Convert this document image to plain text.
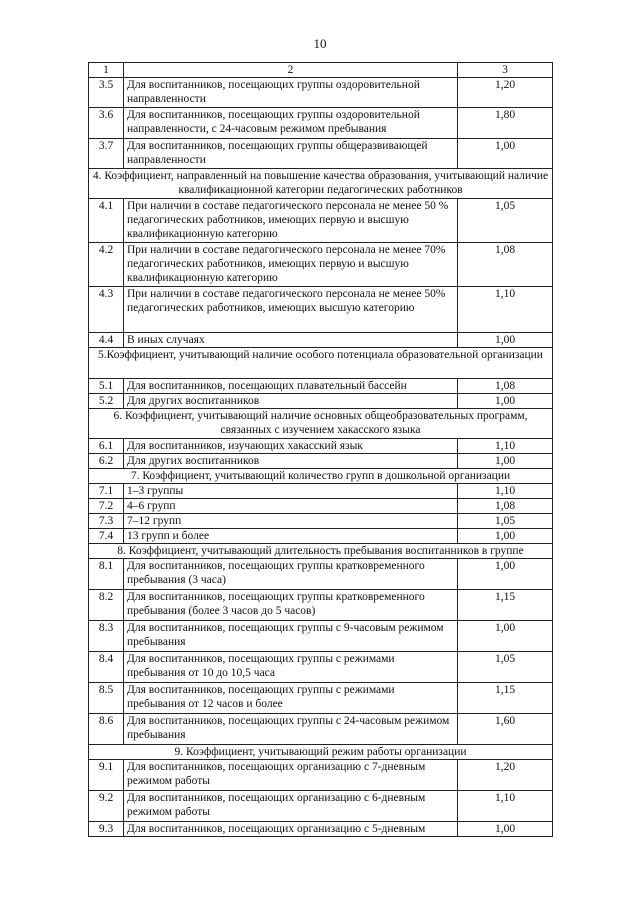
10
1	2	3
3.5	Для воспитанников, посещающих группы оздоровительной направленности	1,20
3.6	Для воспитанников, посещающих группы оздоровительной направленности, с 24-часовым режимом пребывания	1,80
3.7	Для воспитанников, посещающих группы общеразвивающей направленности	1,00
4. Коэффициент, направленный на повышение качества образования, учитывающий наличие квалификационной категории педагогических работников		
4.1	При наличии в составе педагогического персонала не менее 50 % педагогических работников, имеющих первую и высшую квалификационную категорию	1,05
4.2	При наличии в составе педагогического персонала не менее 70% педагогических работников, имеющих первую и высшую квалификационную категорию	1,08
4.3	При наличии в составе педагогического персонала не менее 50% педагогических работников, имеющих высшую категорию	1,10
4.4	В иных случаях	1,00
5.Коэффициент, учитывающий наличие особого потенциала образовательной организации		
5.1	Для воспитанников, посещающих плавательный бассейн	1,08
5.2	Для других воспитанников	1,00
6. Коэффициент, учитывающий наличие основных общеобразовательных программ, связанных с изучением хакасского языка		
6.1	Для воспитанников, изучающих хакасский язык	1,10
6.2	Для других воспитанников	1,00
7. Коэффициент, учитывающий количество групп в дошкольной организации		
7.1	1–3 группы	1,10
7.2	4–6 групп	1,08
7.3	7–12 групп	1,05
7.4	13 групп и более	1,00
8. Коэффициент, учитывающий длительность пребывания воспитанников в группе		
8.1	Для воспитанников, посещающих группы кратковременного пребывания (3 часа)	1,00
8.2	Для воспитанников, посещающих группы кратковременного пребывания (более 3 часов до 5 часов)	1,15
8.3	Для воспитанников, посещающих группы с 9-часовым режимом пребывания	1,00
8.4	Для воспитанников, посещающих группы с режимами пребывания от 10 до 10,5 часа	1,05
8.5	Для воспитанников, посещающих группы с режимами пребывания от 12 часов и более	1,15
8.6	Для воспитанников, посещающих группы с 24-часовым режимом пребывания	1,60
9. Коэффициент, учитывающий режим работы организации		
9.1	Для воспитанников, посещающих организацию с 7-дневным режимом работы	1,20
9.2	Для воспитанников, посещающих организацию с 6-дневным режимом работы	1,10
9.3	Для воспитанников, посещающих организацию с 5-дневным	1,00
